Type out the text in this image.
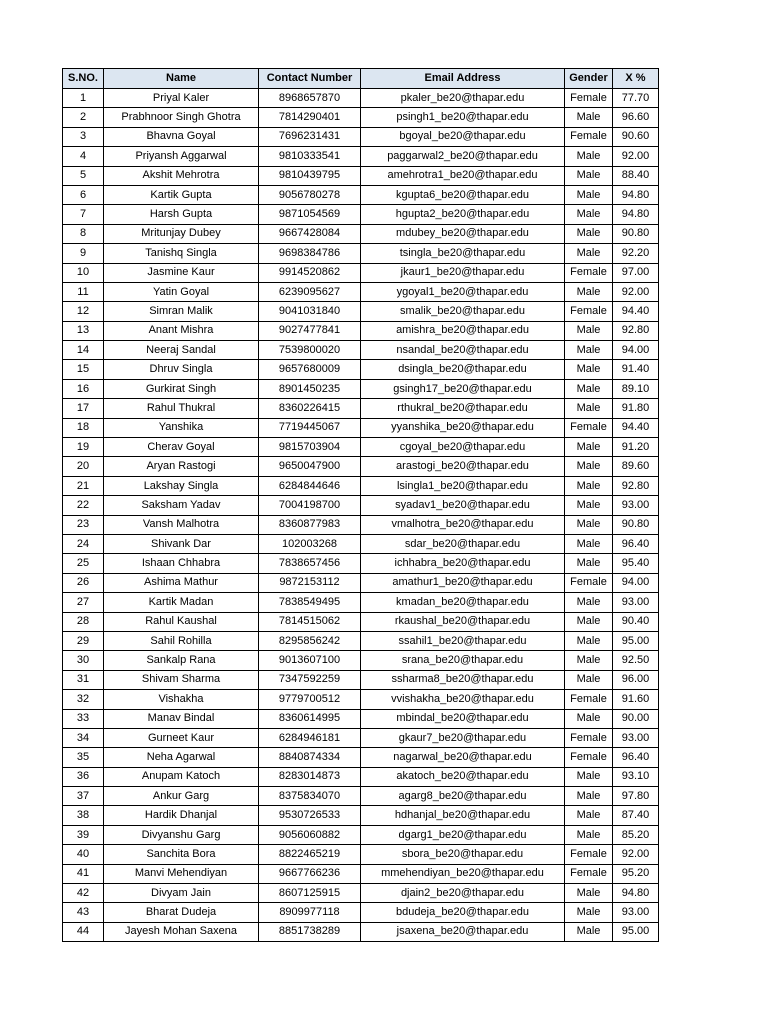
S.NO.	Name	Contact Number	Email Address	Gender	X %
1	Priyal Kaler	8968657870	pkaler_be20@thapar.edu	Female	77.70
2	Prabhnoor Singh Ghotra	7814290401	psingh1_be20@thapar.edu	Male	96.60
3	Bhavna Goyal	7696231431	bgoyal_be20@thapar.edu	Female	90.60
4	Priyansh Aggarwal	9810333541	paggarwal2_be20@thapar.edu	Male	92.00
5	Akshit Mehrotra	9810439795	amehrotra1_be20@thapar.edu	Male	88.40
6	Kartik Gupta	9056780278	kgupta6_be20@thapar.edu	Male	94.80
7	Harsh Gupta	9871054569	hgupta2_be20@thapar.edu	Male	94.80
8	Mritunjay Dubey	9667428084	mdubey_be20@thapar.edu	Male	90.80
9	Tanishq Singla	9698384786	tsingla_be20@thapar.edu	Male	92.20
10	Jasmine Kaur	9914520862	jkaur1_be20@thapar.edu	Female	97.00
11	Yatin Goyal	6239095627	ygoyal1_be20@thapar.edu	Male	92.00
12	Simran Malik	9041031840	smalik_be20@thapar.edu	Female	94.40
13	Anant Mishra	9027477841	amishra_be20@thapar.edu	Male	92.80
14	Neeraj Sandal	7539800020	nsandal_be20@thapar.edu	Male	94.00
15	Dhruv Singla	9657680009	dsingla_be20@thapar.edu	Male	91.40
16	Gurkirat Singh	8901450235	gsingh17_be20@thapar.edu	Male	89.10
17	Rahul Thukral	8360226415	rthukral_be20@thapar.edu	Male	91.80
18	Yanshika	7719445067	yyanshika_be20@thapar.edu	Female	94.40
19	Cherav Goyal	9815703904	cgoyal_be20@thapar.edu	Male	91.20
20	Aryan Rastogi	9650047900	arastogi_be20@thapar.edu	Male	89.60
21	Lakshay Singla	6284844646	lsingla1_be20@thapar.edu	Male	92.80
22	Saksham Yadav	7004198700	syadav1_be20@thapar.edu	Male	93.00
23	Vansh Malhotra	8360877983	vmalhotra_be20@thapar.edu	Male	90.80
24	Shivank Dar	102003268	sdar_be20@thapar.edu	Male	96.40
25	Ishaan Chhabra	7838657456	ichhabra_be20@thapar.edu	Male	95.40
26	Ashima Mathur	9872153112	amathur1_be20@thapar.edu	Female	94.00
27	Kartik Madan	7838549495	kmadan_be20@thapar.edu	Male	93.00
28	Rahul Kaushal	7814515062	rkaushal_be20@thapar.edu	Male	90.40
29	Sahil Rohilla	8295856242	ssahil1_be20@thapar.edu	Male	95.00
30	Sankalp Rana	9013607100	srana_be20@thapar.edu	Male	92.50
31	Shivam Sharma	7347592259	ssharma8_be20@thapar.edu	Male	96.00
32	Vishakha	9779700512	vvishakha_be20@thapar.edu	Female	91.60
33	Manav Bindal	8360614995	mbindal_be20@thapar.edu	Male	90.00
34	Gurneet Kaur	6284946181	gkaur7_be20@thapar.edu	Female	93.00
35	Neha Agarwal	8840874334	nagarwal_be20@thapar.edu	Female	96.40
36	Anupam Katoch	8283014873	akatoch_be20@thapar.edu	Male	93.10
37	Ankur Garg	8375834070	agarg8_be20@thapar.edu	Male	97.80
38	Hardik Dhanjal	9530726533	hdhanjal_be20@thapar.edu	Male	87.40
39	Divyanshu Garg	9056060882	dgarg1_be20@thapar.edu	Male	85.20
40	Sanchita Bora	8822465219	sbora_be20@thapar.edu	Female	92.00
41	Manvi Mehendiyan	9667766236	mmehendiyan_be20@thapar.edu	Female	95.20
42	Divyam Jain	8607125915	djain2_be20@thapar.edu	Male	94.80
43	Bharat Dudeja	8909977118	bdudeja_be20@thapar.edu	Male	93.00
44	Jayesh Mohan Saxena	8851738289	jsaxena_be20@thapar.edu	Male	95.00
